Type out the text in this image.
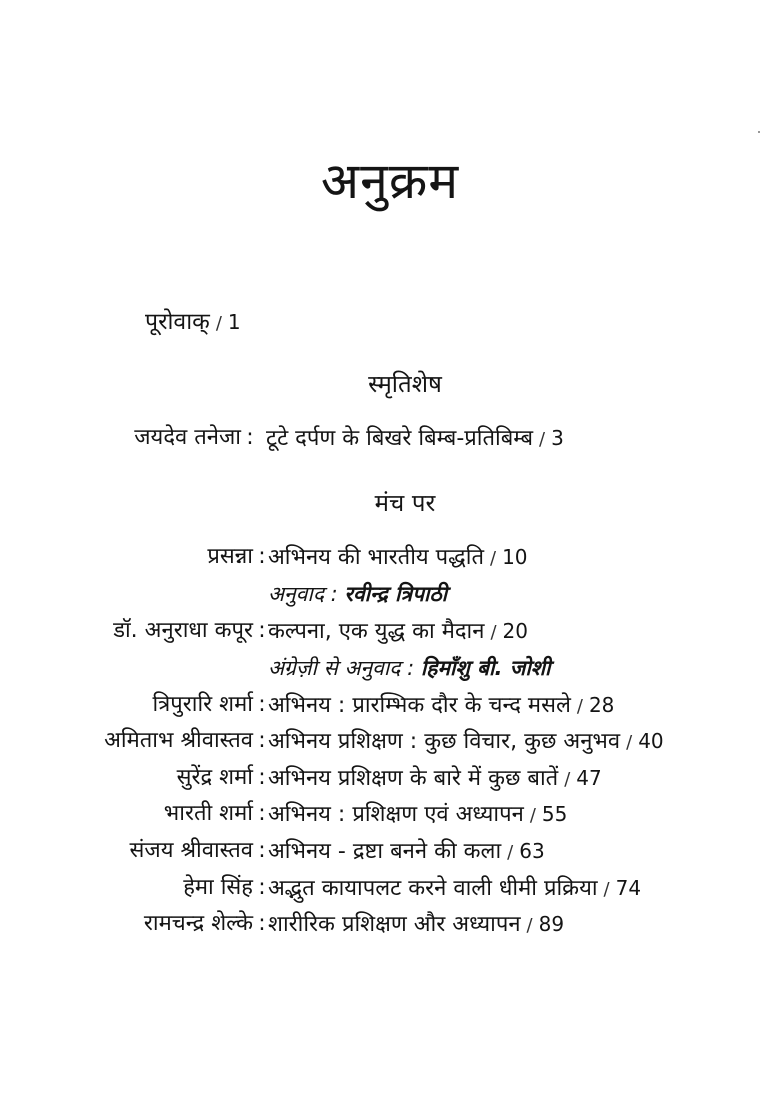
अनुक्रम
पूरोवाक् / 1
स्मृतिशेष
जयदेव तनेजा : टूटे दर्पण के बिखरे बिम्ब-प्रतिबिम्ब / 3
मंच पर
प्रसन्ना : अभिनय की भारतीय पद्धति / 10
अनुवाद : रवीन्द्र त्रिपाठी
डॉ. अनुराधा कपूर : कल्पना, एक युद्ध का मैदान / 20
अंग्रेज़ी से अनुवाद : हिमाँशु बी. जोशी
त्रिपुरारि शर्मा : अभिनय : प्रारम्भिक दौर के चन्द मसले / 28
अमिताभ श्रीवास्तव : अभिनय प्रशिक्षण : कुछ विचार, कुछ अनुभव / 40
सुरेंद्र शर्मा : अभिनय प्रशिक्षण के बारे में कुछ बातें / 47
भारती शर्मा : अभिनय : प्रशिक्षण एवं अध्यापन / 55
संजय श्रीवास्तव : अभिनय - द्रष्टा बनने की कला / 63
हेमा सिंह : अद्भुत कायापलट करने वाली धीमी प्रक्रिया / 74
रामचन्द्र शेल्के : शारीरिक प्रशिक्षण और अध्यापन / 89
